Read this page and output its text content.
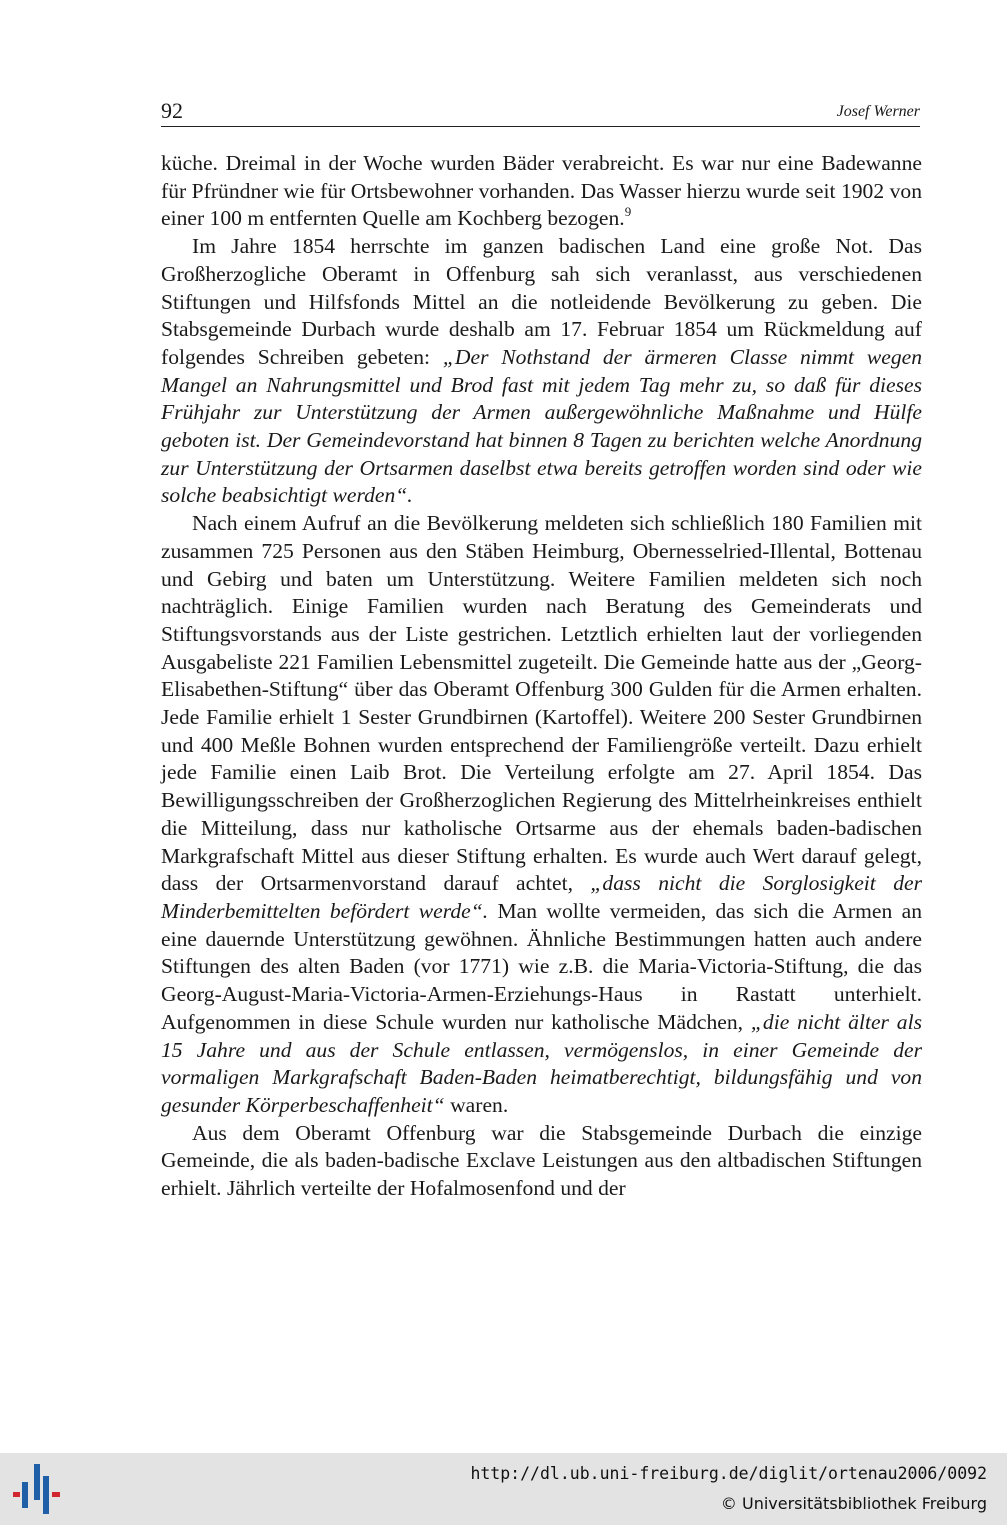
92	Josef Werner

küche. Dreimal in der Woche wurden Bäder verabreicht. Es war nur eine Badewanne für Pfründner wie für Ortsbewohner vorhanden. Das Wasser hierzu wurde seit 1902 von einer 100 m entfernten Quelle am Kochberg bezogen.$^9$

Im Jahre 1854 herrschte im ganzen badischen Land eine große Not. Das Großherzogliche Oberamt in Offenburg sah sich veranlasst, aus verschiedenen Stiftungen und Hilfsfonds Mittel an die notleidende Bevölkerung zu geben. Die Stabsgemeinde Durbach wurde deshalb am 17. Februar 1854 um Rückmeldung auf folgendes Schreiben gebeten: „Der Nothstand der ärmeren Classe nimmt wegen Mangel an Nahrungsmittel und Brod fast mit jedem Tag mehr zu, so daß für dieses Frühjahr zur Unterstützung der Armen außergewöhnliche Maßnahme und Hülfe geboten ist. Der Gemeindevorstand hat binnen 8 Tagen zu berichten welche Anordnung zur Unterstützung der Ortsarmen daselbst etwa bereits getroffen worden sind oder wie solche beabsichtigt werden“.

Nach einem Aufruf an die Bevölkerung meldeten sich schließlich 180 Familien mit zusammen 725 Personen aus den Stäben Heimburg, Obernesselried-Illental, Bottenau und Gebirg und baten um Unterstützung. Weitere Familien meldeten sich noch nachträglich. Einige Familien wurden nach Beratung des Gemeinderats und Stiftungsvorstands aus der Liste gestrichen. Letztlich erhielten laut der vorliegenden Ausgabeliste 221 Familien Lebensmittel zugeteilt. Die Gemeinde hatte aus der „Georg-Elisabethen-Stiftung“ über das Oberamt Offenburg 300 Gulden für die Armen erhalten. Jede Familie erhielt 1 Sester Grundbirnen (Kartoffel). Weitere 200 Sester Grundbirnen und 400 Meßle Bohnen wurden entsprechend der Familiengröße verteilt. Dazu erhielt jede Familie einen Laib Brot. Die Verteilung erfolgte am 27. April 1854. Das Bewilligungsschreiben der Großherzoglichen Regierung des Mittelrheinkreises enthielt die Mitteilung, dass nur katholische Ortsarme aus der ehemals baden-badischen Markgrafschaft Mittel aus dieser Stiftung erhalten. Es wurde auch Wert darauf gelegt, dass der Ortsarmenvorstand darauf achtet, „dass nicht die Sorglosigkeit der Minderbemittelten befördert werde“. Man wollte vermeiden, das sich die Armen an eine dauernde Unterstützung gewöhnen. Ähnliche Bestimmungen hatten auch andere Stiftungen des alten Baden (vor 1771) wie z.B. die Maria-Victoria-Stiftung, die das Georg-August-Maria-Victoria-Armen-Erziehungs-Haus in Rastatt unterhielt. Aufgenommen in diese Schule wurden nur katholische Mädchen, „die nicht älter als 15 Jahre und aus der Schule entlassen, vermögenslos, in einer Gemeinde der vormaligen Markgrafschaft Baden-Baden heimatberechtigt, bildungsfähig und von gesunder Körperbeschaffenheit“ waren.

Aus dem Oberamt Offenburg war die Stabsgemeinde Durbach die einzige Gemeinde, die als baden-badische Exclave Leistungen aus den altbadischen Stiftungen erhielt. Jährlich verteilte der Hofalmosenfond und der

http://dl.ub.uni-freiburg.de/diglit/ortenau2006/0092
© Universitätsbibliothek Freiburg
